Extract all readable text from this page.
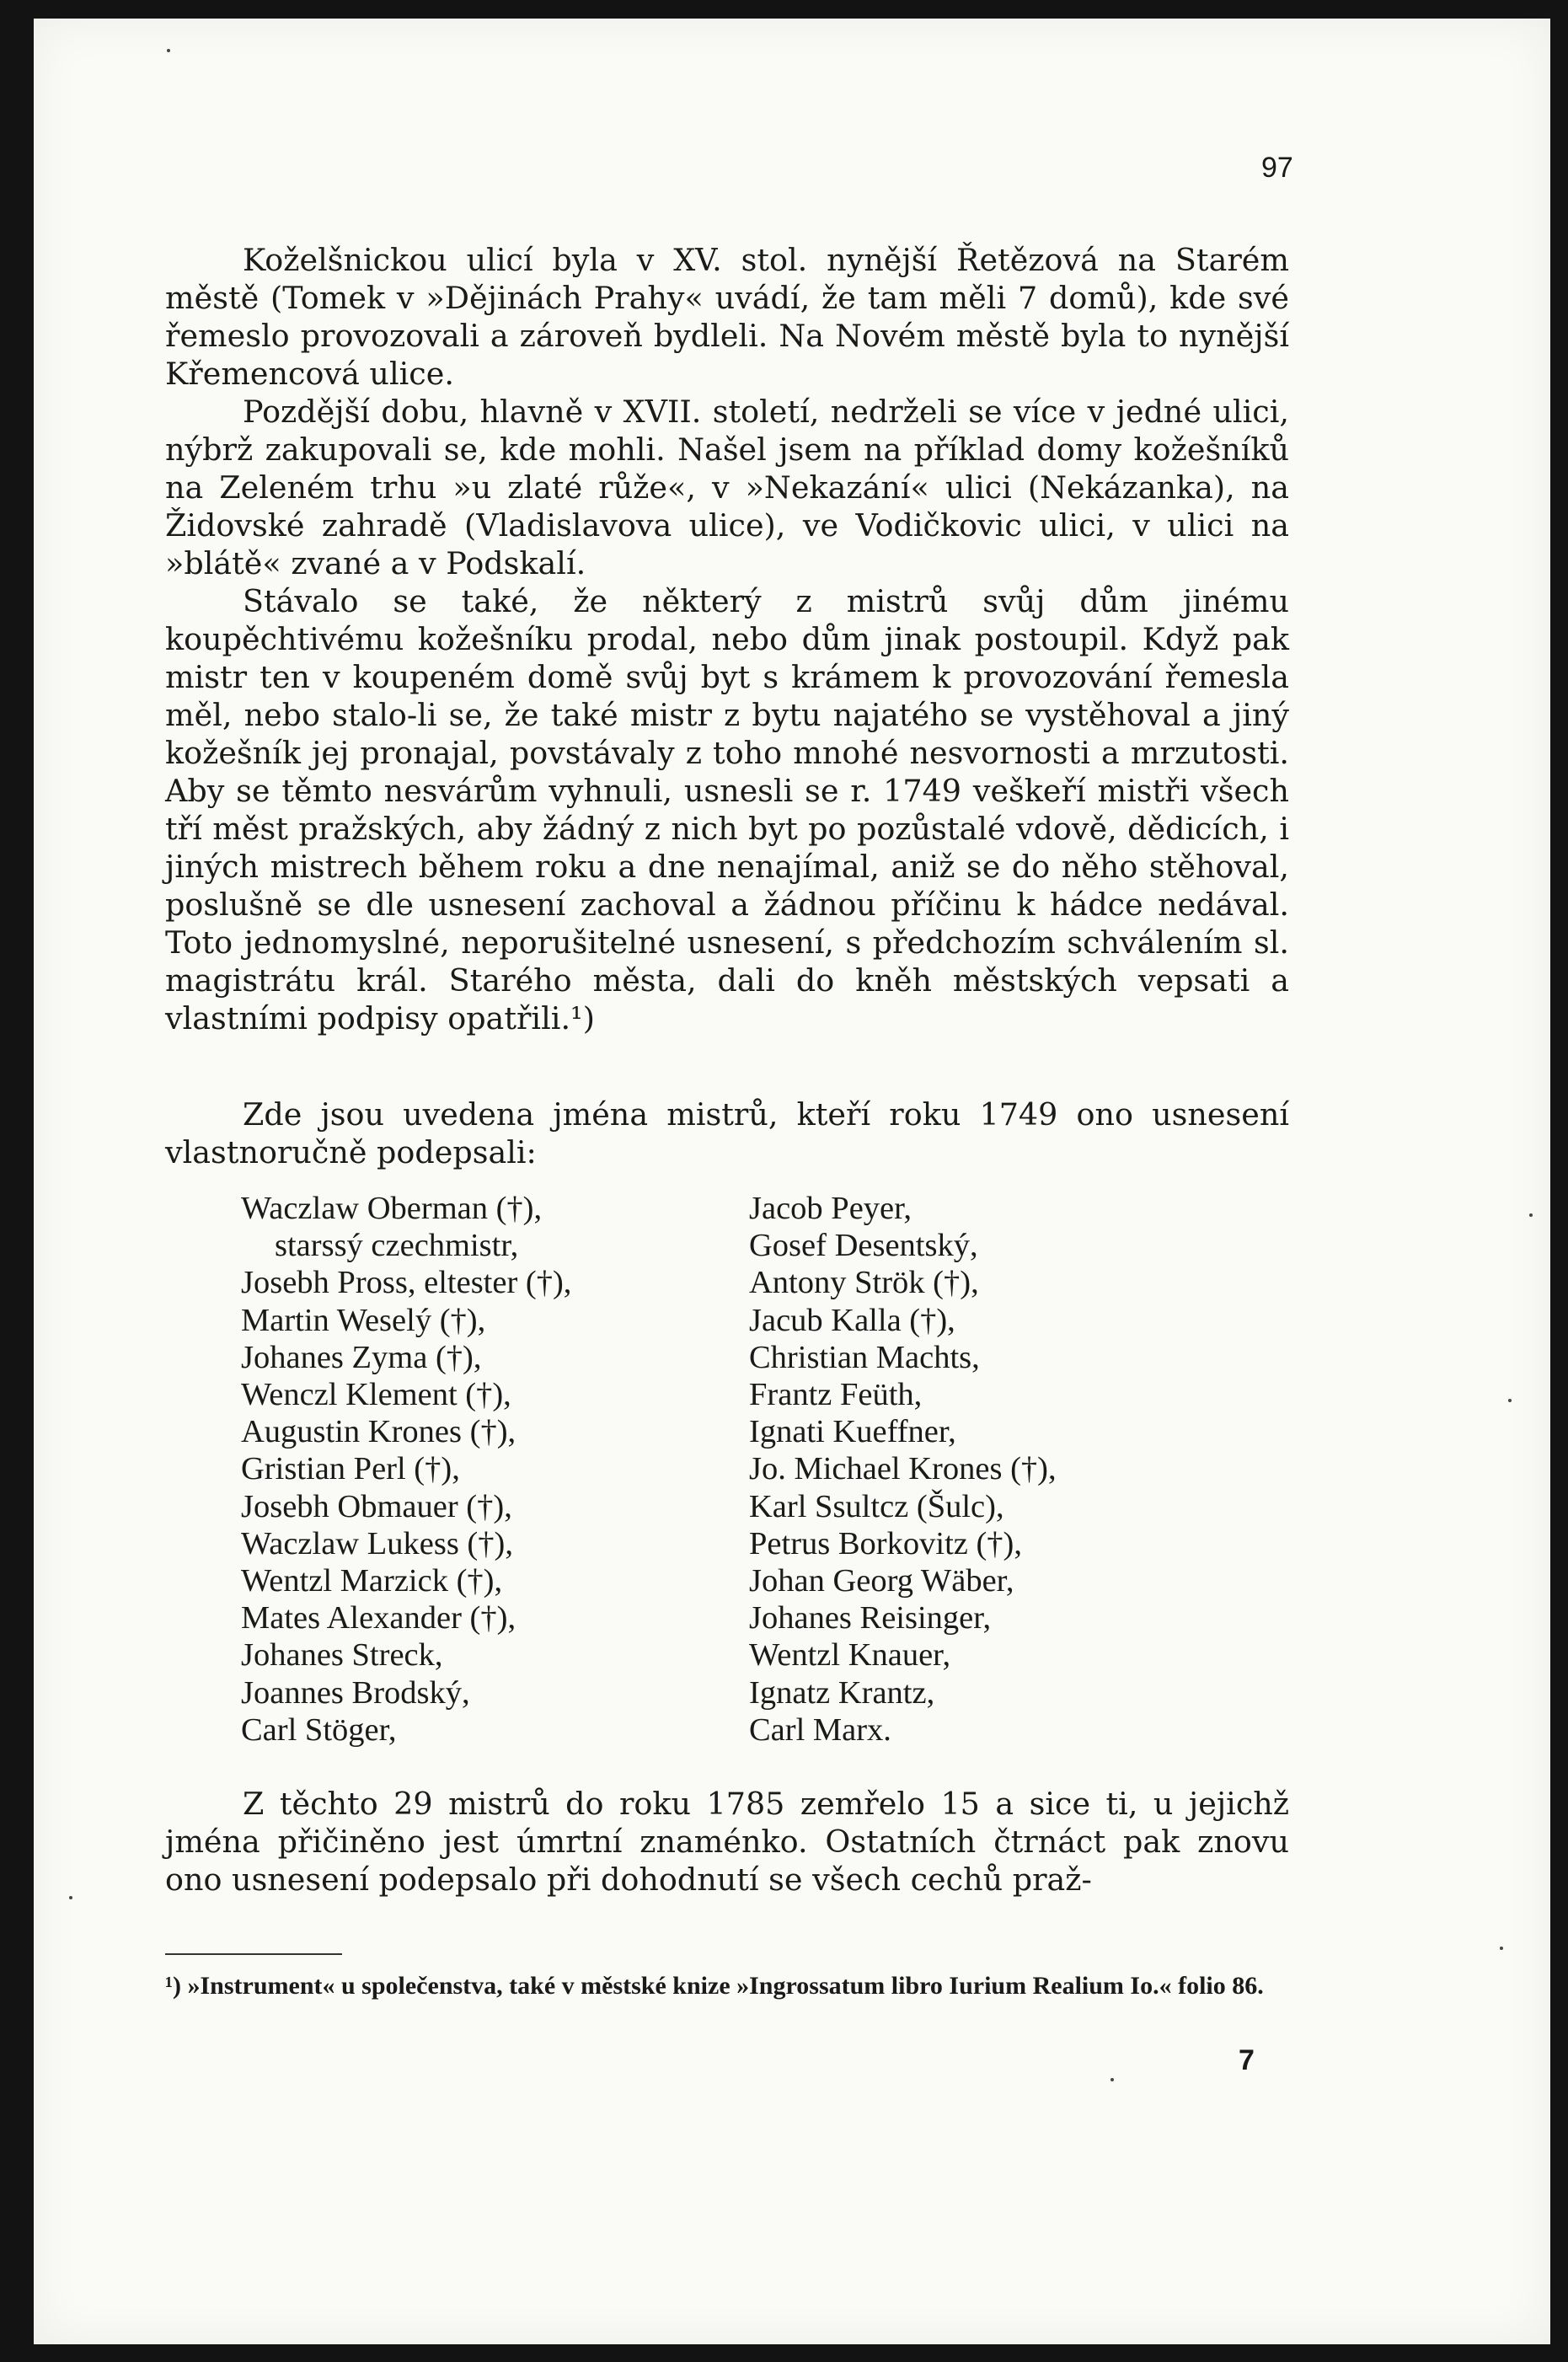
97

Koželšnickou ulicí byla v XV. stol. nynější Řetězová na Starém městě (Tomek v »Dějinách Prahy« uvádí, že tam měli 7 domů), kde své řemeslo provozovali a zároveň bydleli. Na Novém městě byla to nynější Křemencová ulice.

Pozdější dobu, hlavně v XVII. století, nedrželi se více v jedné ulici, nýbrž zakupovali se, kde mohli. Našel jsem na příklad domy kožešníků na Zeleném trhu »u zlaté růže«, v »Nekazání« ulici (Nekázanka), na Židovské zahradě (Vladislavova ulice), ve Vodičkovic ulici, v ulici na »blátě« zvané a v Podskalí.

Stávalo se také, že některý z mistrů svůj dům jinému koupěchtivému kožešníku prodal, nebo dům jinak postoupil. Když pak mistr ten v koupeném domě svůj byt s krámem k provozování řemesla měl, nebo stalo-li se, že také mistr z bytu najatého se vystěhoval a jiný kožešník jej pronajal, povstávaly z toho mnohé nesvornosti a mrzutosti. Aby se těmto nesvárům vyhnuli, usnesli se r. 1749 veškeří mistři všech tří měst pražských, aby žádný z nich byt po pozůstalé vdově, dědicích, i jiných mistrech během roku a dne nenajímal, aniž se do něho stěhoval, poslušně se dle usnesení zachoval a žádnou příčinu k hádce nedával. Toto jednomyslné, neporušitelné usnesení, s předchozím schválením sl. magistrátu král. Starého města, dali do kněh městských vepsati a vlastními podpisy opatřili.¹)

Zde jsou uvedena jména mistrů, kteří roku 1749 ono usnesení vlastnoručně podepsali:

Waczlaw Oberman (†),
starssý czechmistr,
Josebh Pross, eltester (†),
Martin Weselý (†),
Johanes Zyma (†),
Wenczl Klement (†),
Augustin Krones (†),
Gristian Perl (†),
Josebh Obmauer (†),
Waczlaw Lukess (†),
Wentzl Marzick (†),
Mates Alexander (†),
Johanes Streck,
Joannes Brodský,
Carl Stöger,
Jacob Peyer,
Gosef Desentský,
Antony Strök (†),
Jacub Kalla (†),
Christian Machts,
Frantz Feüth,
Ignati Kueffner,
Jo. Michael Krones (†),
Karl Ssultcz (Šulc),
Petrus Borkovitz (†),
Johan Georg Wäber,
Johanes Reisinger,
Wentzl Knauer,
Ignatz Krantz,
Carl Marx.

Z těchto 29 mistrů do roku 1785 zemřelo 15 a sice ti, u jejichž jména přičiněno jest úmrtní znaménko. Ostatních čtrnáct pak znovu ono usnesení podepsalo při dohodnutí se všech cechů praž-

¹) »Instrument« u společenstva, také v městské knize »Ingrossatum libro Iurium Realium Io.« folio 86.

7
